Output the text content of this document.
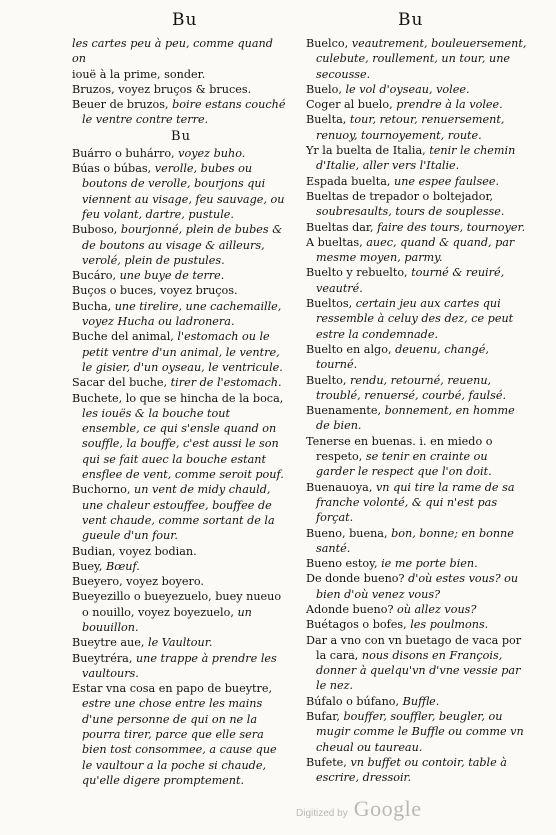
Bu	Bu
les cartes peu à peu, comme quand on
iouë à la prime, sonder.
Bruzos, voyez bruços & bruces.
Beuer de bruzos, boire estans couché le ventre contre terre.
Bu
Buárro o buhárro, voyez buho.
Búas o búbas, verolle, bubes ou boutons de verolle, bourjons qui viennent au visage, feu sauvage, ou feu volant, dartre, pustule.
Buboso, bourjonné, plein de bubes & de boutons au visage & ailleurs, verolé, plein de pustules.
Bucáro, une buye de terre.
Buços o buces, voyez bruços.
Bucha, une tirelire, une cachemaille, voyez Hucha ou ladronera.
Buche del animal, l'estomach ou le petit ventre d'un animal, le ventre, le gisier, d'un oyseau, le ventricule.
Sacar del buche, tirer de l'estomach.
Buchete, lo que se hincha de la boca, les iouës & la bouche tout ensemble, ce qui s'ensle quand on souffle, la bouffe, c'est aussi le son qui se fait auec la bouche estant ensflee de vent, comme seroit pouf.
Buchorno, un vent de midy chauld, une chaleur estouffee, bouffee de vent chaude, comme sortant de la gueule d'un four.
Budian, voyez bodian.
Buey, Bœuf.
Bueyero, voyez boyero.
Bueyezillo o bueyezuelo, buey nueuo o nouillo, voyez boyezuelo, un bouuillon.
Bueytre aue, le Vaultour.
Bueytréra, une trappe à prendre les vaultours.
Estar vna cosa en papo de bueytre, estre une chose entre les mains d'une personne de qui on ne la pourra tirer, parce que elle sera bien tost consommee, a cause que le vaultour a la poche si chaude, qu'elle digere promptement.
Buelco, veautrement, bouleuersement, culebute, roullement, un tour, une secousse.
Buelo, le vol d'oyseau, volee.
Coger al buelo, prendre à la volee.
Buelta, tour, retour, renuersement, renuoy, tournoyement, route.
Yr la buelta de Italia, tenir le chemin d'Italie, aller vers l'Italie.
Espada buelta, une espee faulsee.
Bueltas de trepador o boltejador, soubresaults, tours de souplesse.
Bueltas dar, faire des tours, tournoyer.
A bueltas, auec, quand & quand, par mesme moyen, parmy.
Buelto y rebuelto, tourné & reuiré, veautré.
Bueltos, certain jeu aux cartes qui ressemble à celuy des dez, ce peut estre la condemnade.
Buelto en algo, deuenu, changé, tourné.
Buelto, rendu, retourné, reuenu, troublé, renuersé, courbé, faulsé.
Buenamente, bonnement, en homme de bien.
Tenerse en buenas. i. en miedo o respeto, se tenir en crainte ou garder le respect que l'on doit.
Buenauoya, vn qui tire la rame de sa franche volonté, & qui n'est pas forçat.
Bueno, buena, bon, bonne; en bonne santé.
Bueno estoy, ie me porte bien.
De donde bueno? d'où estes vous? ou bien d'où venez vous?
Adonde bueno? où allez vous?
Buétagos o bofes, les poulmons.
Dar a vno con vn buetago de vaca por la cara, nous disons en François, donner à quelqu'vn d'vne vessie par le nez.
Búfalo o búfano, Buffle.
Bufar, bouffer, souffler, beugler, ou mugir comme le Buffle ou comme vn cheual ou taureau.
Bufete, vn buffet ou contoir, table à escrire, dressoir.
Digitized by Google
